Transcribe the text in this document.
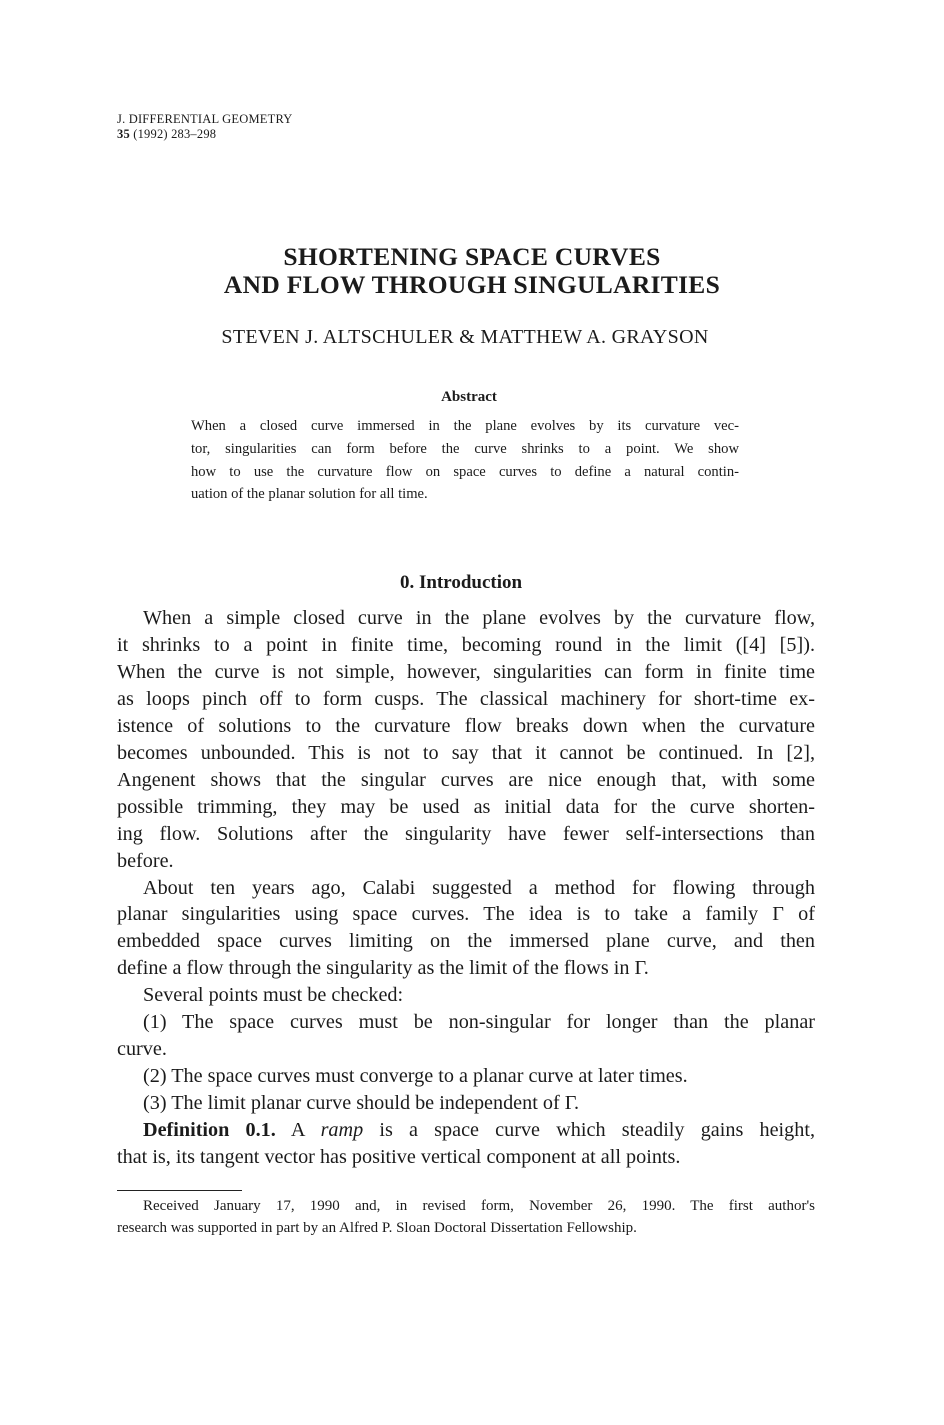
J. DIFFERENTIAL GEOMETRY
35 (1992) 283–298
SHORTENING SPACE CURVES
AND FLOW THROUGH SINGULARITIES
STEVEN J. ALTSCHULER & MATTHEW A. GRAYSON
Abstract
When a closed curve immersed in the plane evolves by its curvature vec-
tor, singularities can form before the curve shrinks to a point. We show
how to use the curvature flow on space curves to define a natural contin-
uation of the planar solution for all time.
0. Introduction
When a simple closed curve in the plane evolves by the curvature flow,
it shrinks to a point in finite time, becoming round in the limit ([4] [5]).
When the curve is not simple, however, singularities can form in finite time
as loops pinch off to form cusps. The classical machinery for short-time ex-
istence of solutions to the curvature flow breaks down when the curvature
becomes unbounded. This is not to say that it cannot be continued. In [2],
Angenent shows that the singular curves are nice enough that, with some
possible trimming, they may be used as initial data for the curve shorten-
ing flow. Solutions after the singularity have fewer self-intersections than
before.
About ten years ago, Calabi suggested a method for flowing through
planar singularities using space curves. The idea is to take a family Γ of
embedded space curves limiting on the immersed plane curve, and then
define a flow through the singularity as the limit of the flows in Γ.
Several points must be checked:
(1) The space curves must be non-singular for longer than the planar
curve.
(2) The space curves must converge to a planar curve at later times.
(3) The limit planar curve should be independent of Γ.
Definition 0.1. A ramp is a space curve which steadily gains height,
that is, its tangent vector has positive vertical component at all points.
Received January 17, 1990 and, in revised form, November 26, 1990. The first author's
research was supported in part by an Alfred P. Sloan Doctoral Dissertation Fellowship.
